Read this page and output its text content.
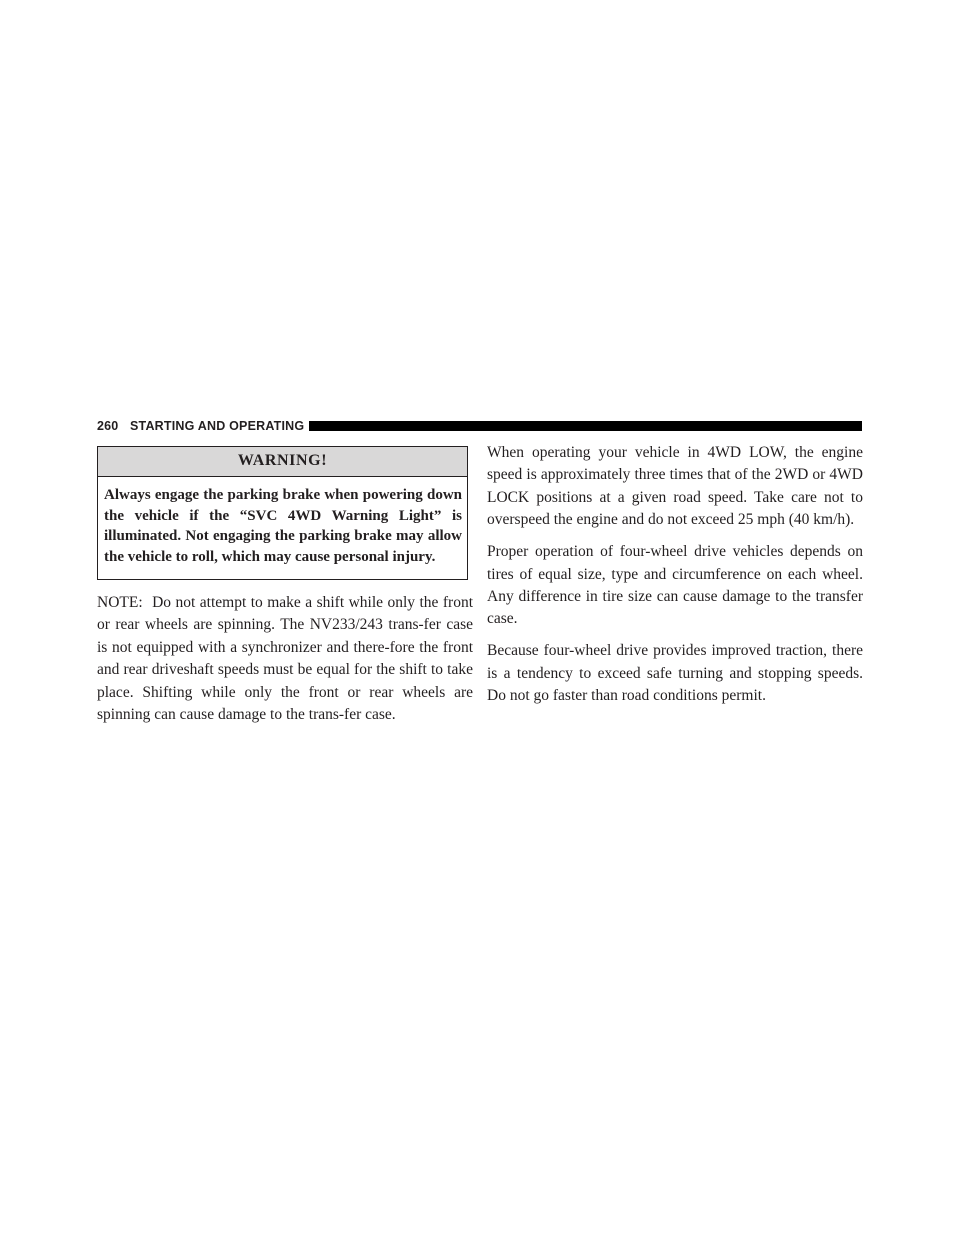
260 STARTING AND OPERATING
WARNING!
Always engage the parking brake when powering down the vehicle if the “SVC 4WD Warning Light” is illuminated. Not engaging the parking brake may allow the vehicle to roll, which may cause personal injury.

NOTE: Do not attempt to make a shift while only the front or rear wheels are spinning. The NV233/243 trans-fer case is not equipped with a synchronizer and there-fore the front and rear driveshaft speeds must be equal for the shift to take place. Shifting while only the front or rear wheels are spinning can cause damage to the trans-fer case.

When operating your vehicle in 4WD LOW, the engine speed is approximately three times that of the 2WD or 4WD LOCK positions at a given road speed. Take care not to overspeed the engine and do not exceed 25 mph (40 km/h).

Proper operation of four-wheel drive vehicles depends on tires of equal size, type and circumference on each wheel. Any difference in tire size can cause damage to the transfer case.

Because four-wheel drive provides improved traction, there is a tendency to exceed safe turning and stopping speeds. Do not go faster than road conditions permit.
